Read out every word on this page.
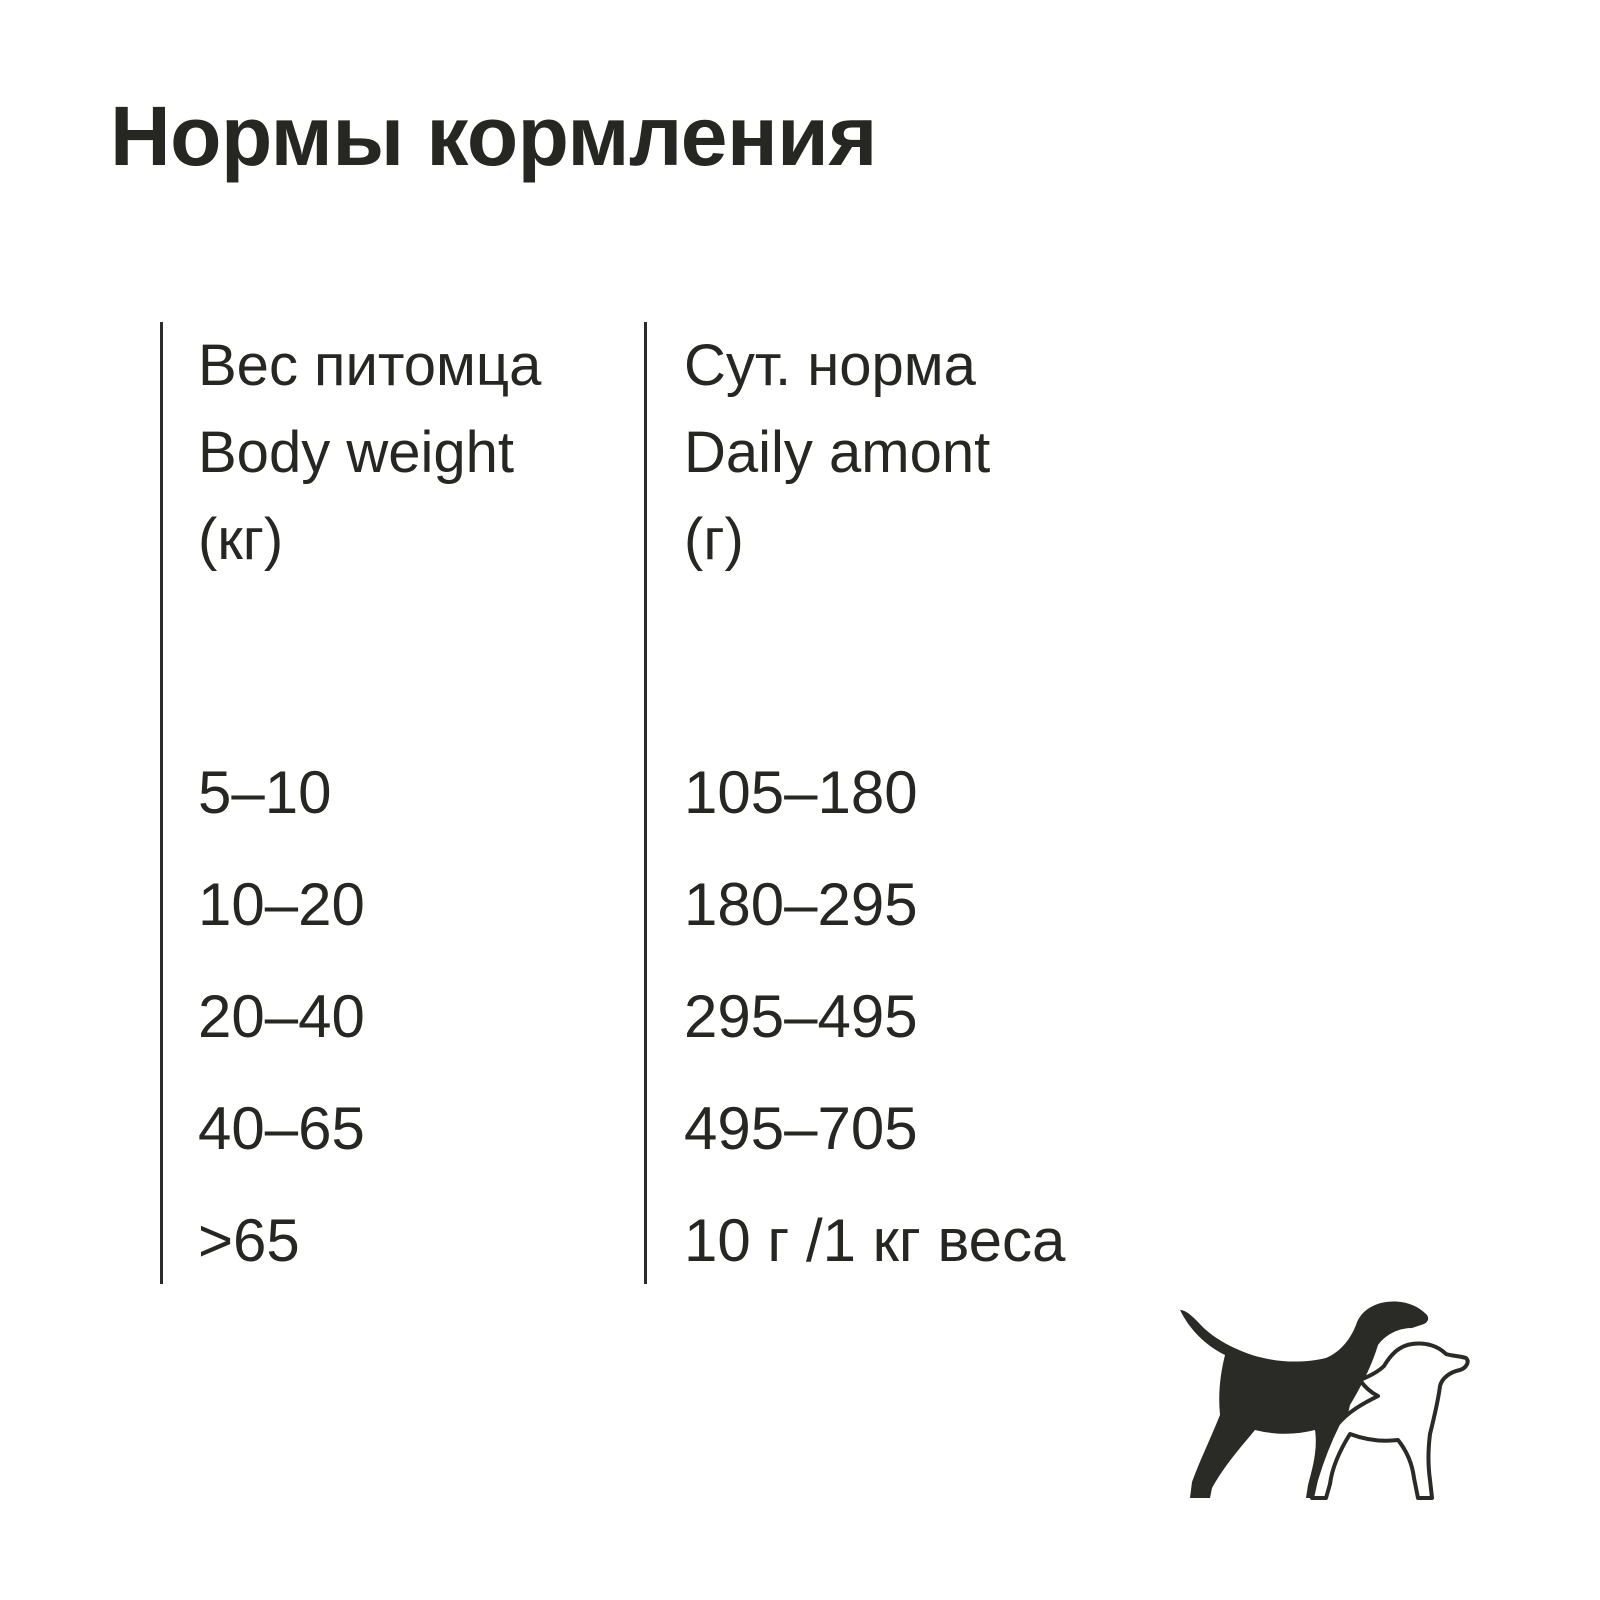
Нормы кормления
Вес питомца
Body weight
(кг)
5–10
10–20
20–40
40–65
>65
Сут. норма
Daily amont
(г)
105–180
180–295
295–495
495–705
10 г /1 кг веса
